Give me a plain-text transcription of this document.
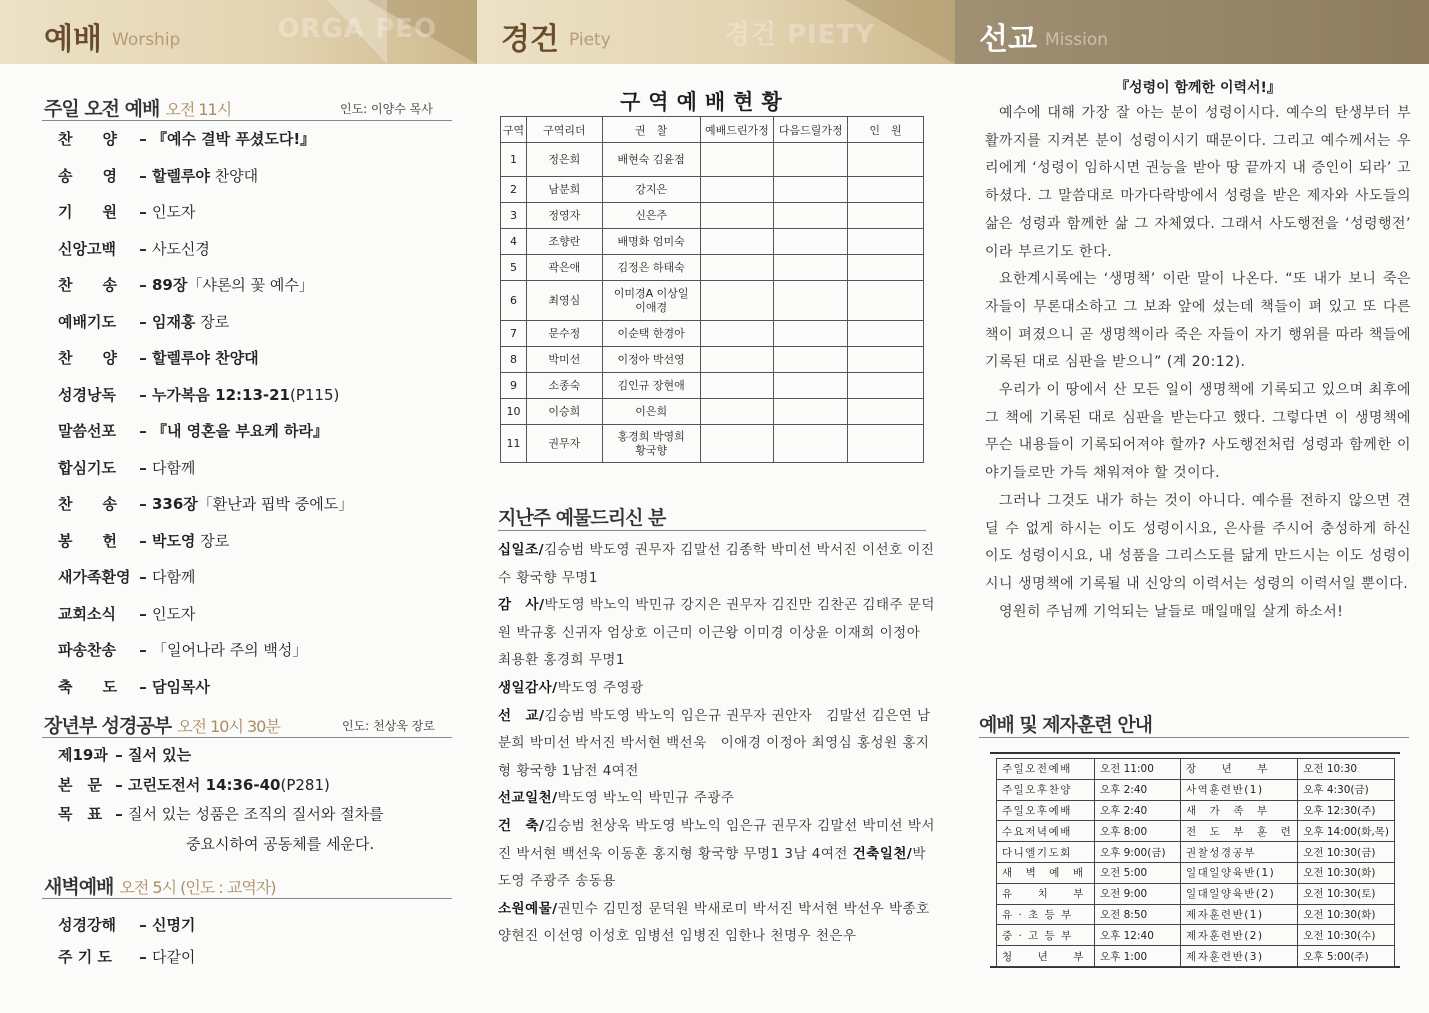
ORGA PEO
예배 Worship
주일 오전 예배 오전 11시	인도: 이양수 목사
찬　　양 – 『예수 결박 푸셨도다!』
송　　영 – 할렐루야 찬양대
기　　원 – 인도자
신앙고백 – 사도신경
찬　　송 – 89장「샤론의 꽃 예수」
예배기도 – 임재홍 장로
찬　　양 – 할렐루야 찬양대
성경낭독 – 누가복음 12:13-21(P115)
말씀선포 – 『내 영혼을 부요케 하라』
합심기도 – 다함께
찬　　송 – 336장「환난과 핍박 중에도」
봉　　헌 – 박도영 장로
새가족환영 – 다함께
교회소식 – 인도자
파송찬송 – 「일어나라 주의 백성」
축　　도 – 담임목사
장년부 성경공부 오전 10시 30분	인도: 천상욱 장로
제19과 – 질서 있는
본　문 – 고린도전서 14:36-40(P281)
목　표 – 질서 있는 성품은 조직의 질서와 절차를
중요시하여 공동체를 세운다.
새벽예배 오전 5시 (인도 : 교역자)
성경강해 – 신명기
주 기 도 – 다같이
경건 PIETY
경건 Piety
구역예배현황
구역	구역리더	권　찰	예배드린가정	다음드릴가정	인　원
1	정은희	배현숙 김윤점			
2	남분희	강지은			
3	정영자	신은주			
4	조향란	배명화 엄미숙			
5	곽은애	김정은 하태숙			
6	최영심	이미경A 이상일
이애경			
7	문수정	이순택 한경아			
8	박미선	이정아 박선영			
9	소종숙	김인규 장현애			
10	이승희	이은희			
11	권무자	홍경희 박영희
황국향			
지난주 예물드리신 분
십일조/김승범 박도영 권무자 김말선 김종학 박미선 박서진 이선호 이진수 황국향 무명1
감　사/박도영 박노익 박민규 강지은 권무자 김진만 김찬곤 김태주 문덕원 박규홍 신귀자 엄상호 이근미 이근왕 이미경 이상윤 이재희 이정아 최용환 홍경희 무명1
생일감사/박도영 주영광
선　교/김승범 박도영 박노익 임은규 권무자 권안자　김말선 김은연 남분희 박미선 박서진 박서현 백선욱　이애경 이정아 최영심 홍성원 홍지형 황국향 1남전 4여전
선교일천/박도영 박노익 박민규 주광주
건　축/김승범 천상욱 박도영 박노익 임은규 권무자 김말선 박미선 박서진 박서현 백선욱 이동훈 홍지형 황국향 무명1 3남 4여전 건축일천/박도영 주광주 송동용
소원예물/권민수 김민정 문덕원 박새로미 박서진 박서현 박선우 박종호 양현진 이선영 이성호 임병선 임병진 임한나 천명우 천은우
선교 Mission
『성령이 함께한 이력서!』

예수에 대해 가장 잘 아는 분이 성령이시다. 예수의 탄생부터 부활까지를 지켜본 분이 성령이시기 때문이다. 그리고 예수께서는 우리에게 ‘성령이 임하시면 권능을 받아 땅 끝까지 내 증인이 되라’ 고 하셨다. 그 말씀대로 마가다락방에서 성령을 받은 제자와 사도들의 삶은 성령과 함께한 삶 그 자체였다. 그래서 사도행전을 ‘성령행전’ 이라 부르기도 한다.

요한계시록에는 ‘생명책’ 이란 말이 나온다. “또 내가 보니 죽은 자들이 무론대소하고 그 보좌 앞에 섰는데 책들이 펴 있고 또 다른 책이 펴졌으니 곧 생명책이라 죽은 자들이 자기 행위를 따라 책들에 기록된 대로 심판을 받으니” (계 20:12).

우리가 이 땅에서 산 모든 일이 생명책에 기록되고 있으며 최후에 그 책에 기록된 대로 심판을 받는다고 했다. 그렇다면 이 생명책에 무슨 내용들이 기록되어져야 할까? 사도행전처럼 성령과 함께한 이야기들로만 가득 채워져야 할 것이다.

그러나 그것도 내가 하는 것이 아니다. 예수를 전하지 않으면 견딜 수 없게 하시는 이도 성령이시요, 은사를 주시어 충성하게 하신 이도 성령이시요, 내 성품을 그리스도를 닮게 만드시는 이도 성령이시니 생명책에 기록될 내 신앙의 이력서는 성령의 이력서일 뿐이다.

영원히 주님께 기억되는 날들로 매일매일 살게 하소서!

예배 및 제자훈련 안내
주일오전예배	오전 11:00	장　　년　　부	오전 10:30
주일오후찬양	오후 2:40	사역훈련반(1)	오후 4:30(금)
주일오후예배	오후 2:40	새　가　족　부	오후 12:30(주)
수요저녁예배	오후 8:00	전　도　부　훈　련	오후 14:00(화,목)
다니엘기도회	오후 9:00(금)	권찰성경공부	오전 10:30(금)
새　벽　예　배	오전 5:00	일대일양육반(1)	오전 10:30(화)
유　　치　　부	오전 9:00	일대일양육반(2)	오전 10:30(토)
유 · 초 등 부	오전 8:50	제자훈련반(1)	오전 10:30(화)
중 · 고 등 부	오후 12:40	제자훈련반(2)	오전 10:30(수)
청　　년　　부	오후 1:00	제자훈련반(3)	오후 5:00(주)
